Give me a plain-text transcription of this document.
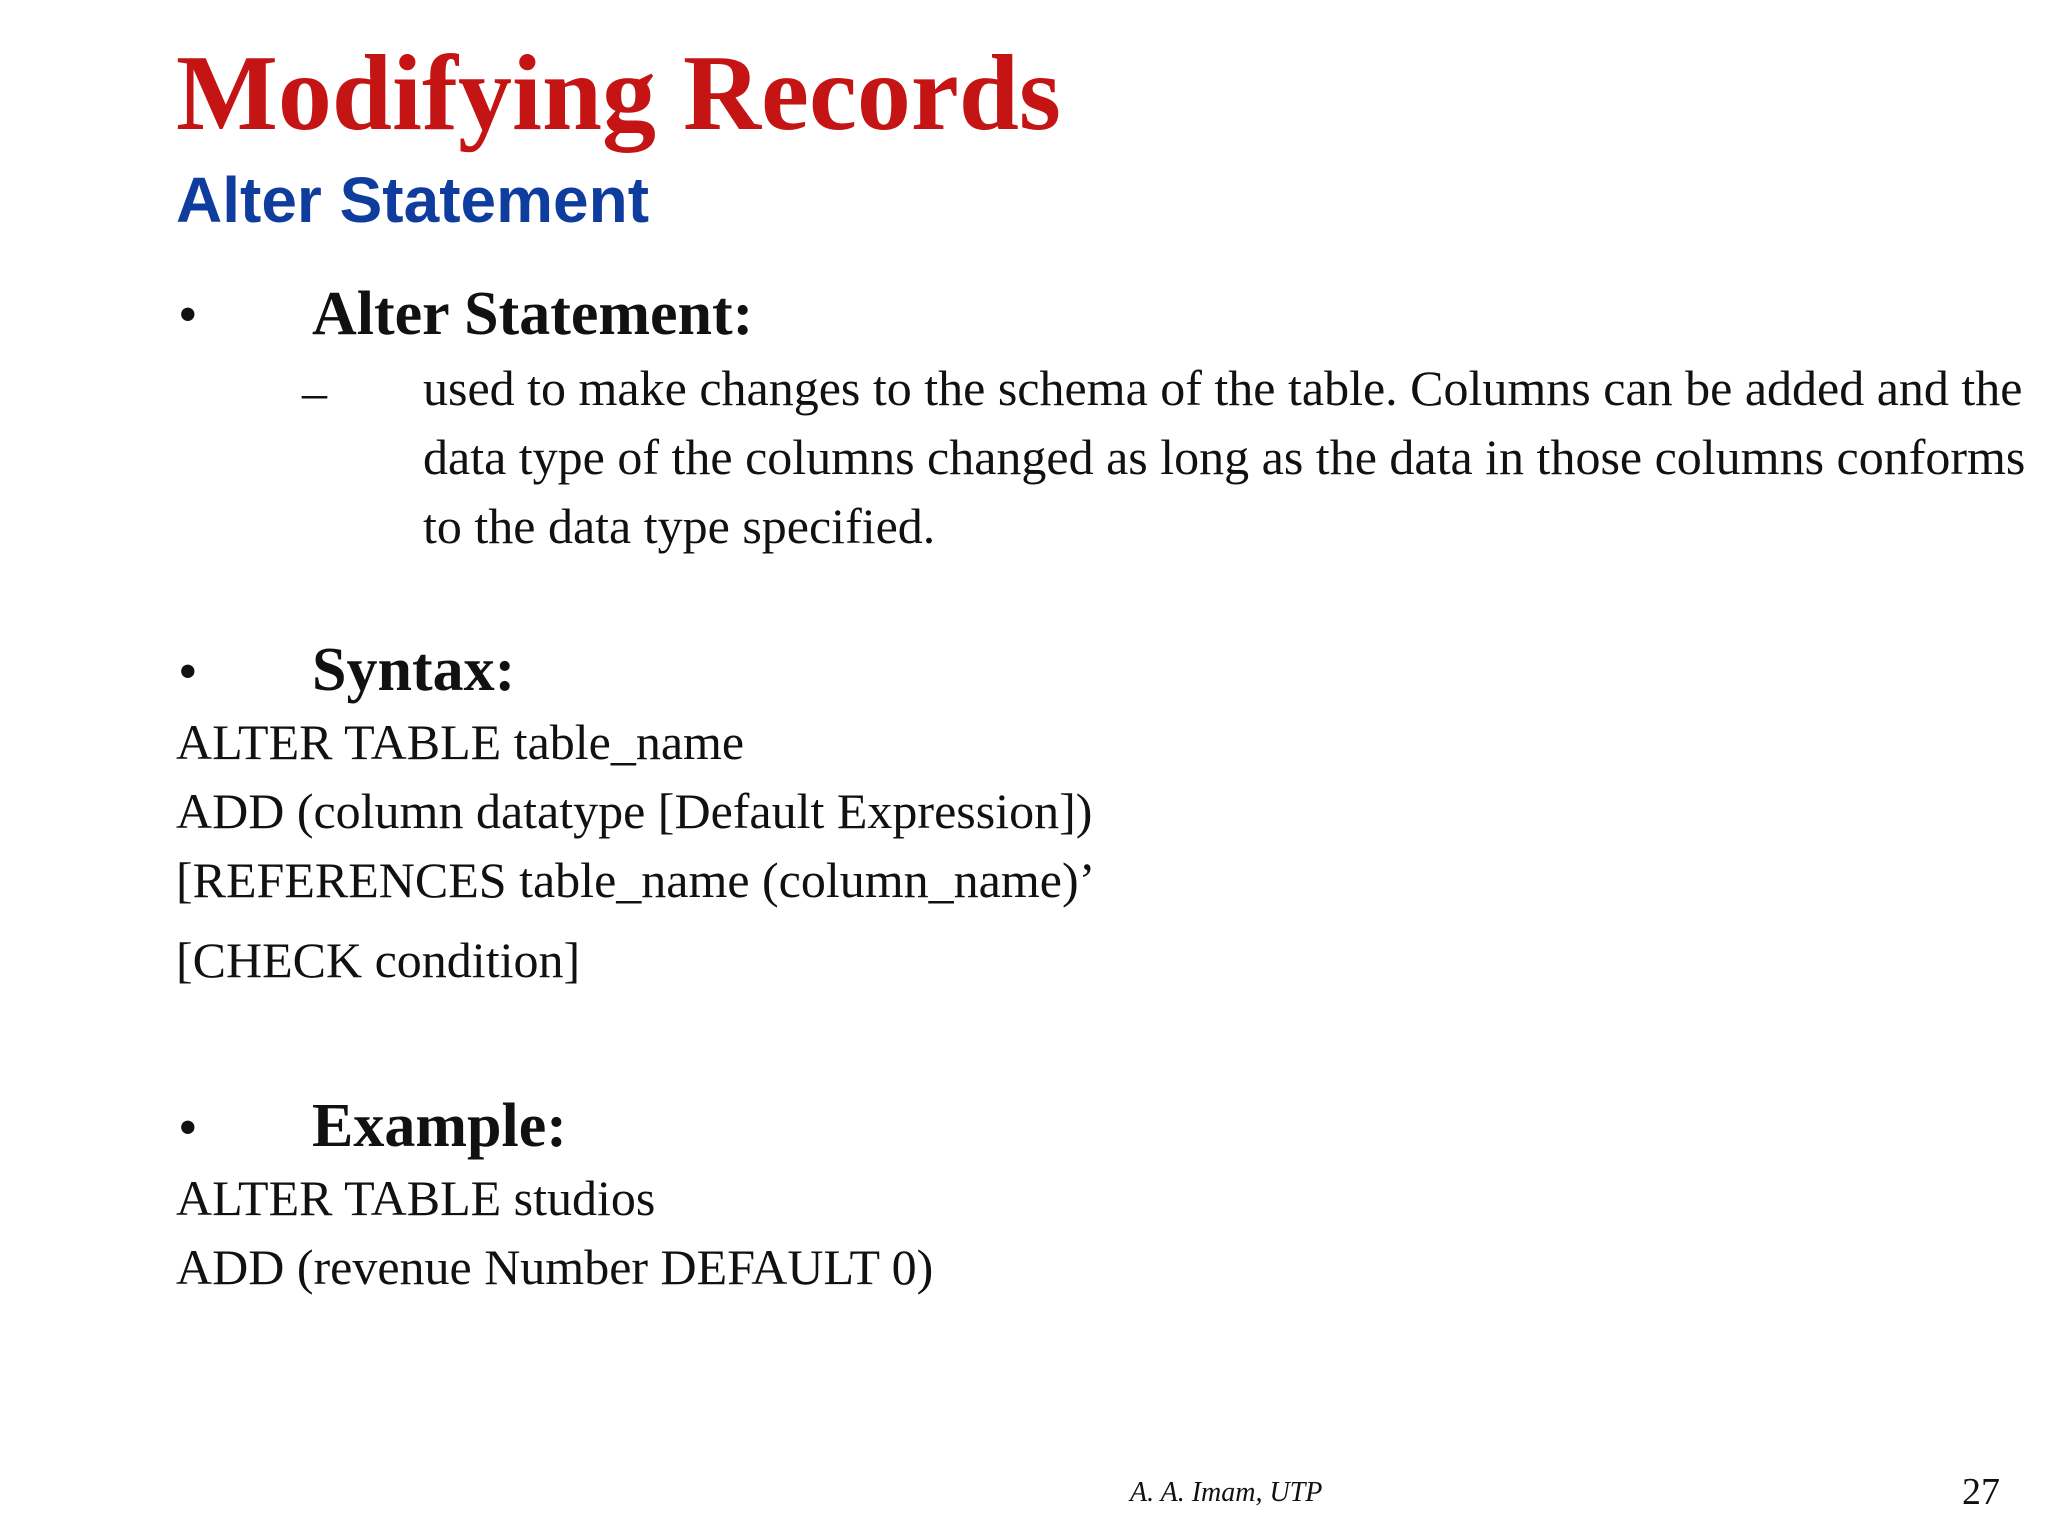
Modifying Records
Alter Statement
• Alter Statement:
– used to make changes to the schema of the table. Columns can be added and the data type of the columns changed as long as the data in those columns conforms to the data type specified.

• Syntax:
ALTER TABLE table_name
ADD (column datatype [Default Expression])
[REFERENCES table_name (column_name)’
[CHECK condition]
• Example:
ALTER TABLE studios
ADD (revenue Number DEFAULT 0)
A. A. Imam, UTP	27
